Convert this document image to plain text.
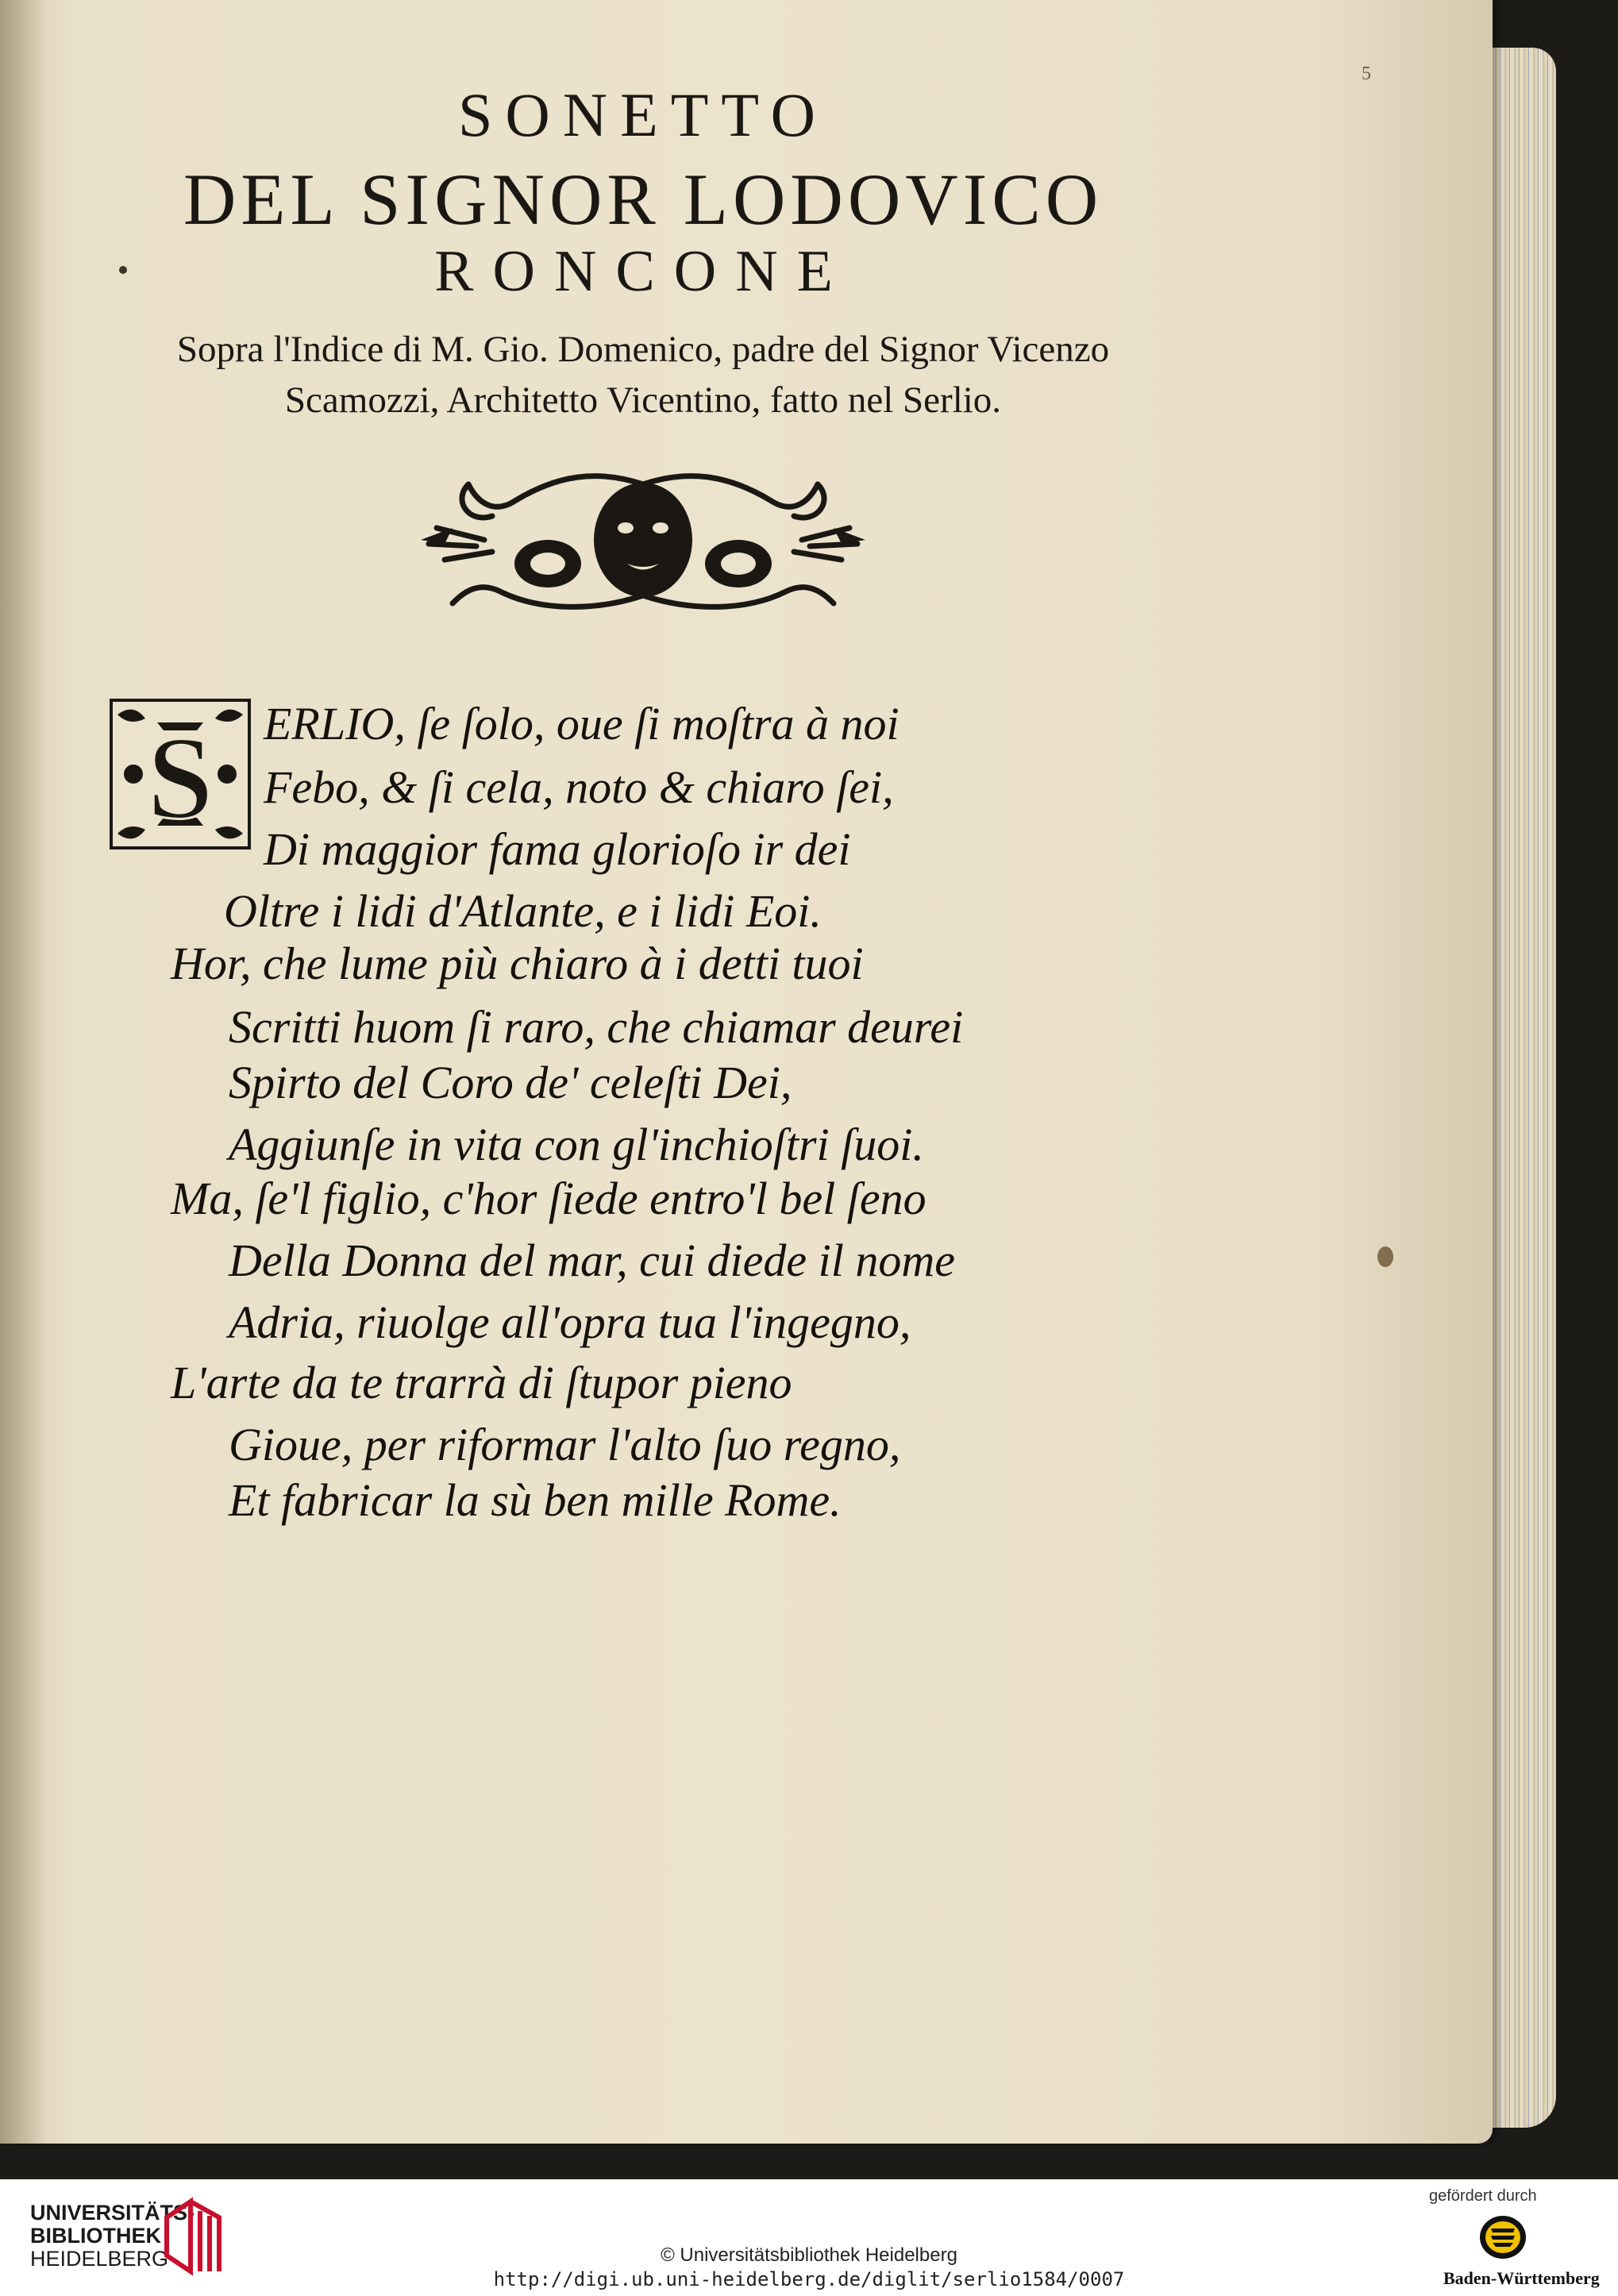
5
SONETTO
DEL SIGNOR LODOVICO
RONCONE
Sopra l'Indice di M. Gio. Domenico, padre del Signor Vicenzo
Scamozzi, Architetto Vicentino, fatto nel Serlio.
S ERLIO, ſe ſolo, oue ſi moſtra à noi
Febo, & ſi cela, noto & chiaro ſei,
Di maggior fama glorioſo ir dei
Oltre i lidi d'Atlante, e i lidi Eoi.
Hor, che lume più chiaro à i detti tuoi
Scritti huom ſi raro, che chiamar deurei
Spirto del Coro de' celeſti Dei,
Aggiunſe in vita con gl'inchioſtri ſuoi.
Ma, ſe'l figlio, c'hor ſiede entro'l bel ſeno
Della Donna del mar, cui diede il nome
Adria, riuolge all'opra tua l'ingegno,
L'arte da te trarrà di ſtupor pieno
Gioue, per riformar l'alto ſuo regno,
Et fabricar la sù ben mille Rome.
UNIVERSITÄTS-
BIBLIOTHEK
HEIDELBERG	© Universitätsbibliothek Heidelberg
http://digi.ub.uni-heidelberg.de/diglit/serlio1584/0007
gefördert durch
Baden-Württemberg
